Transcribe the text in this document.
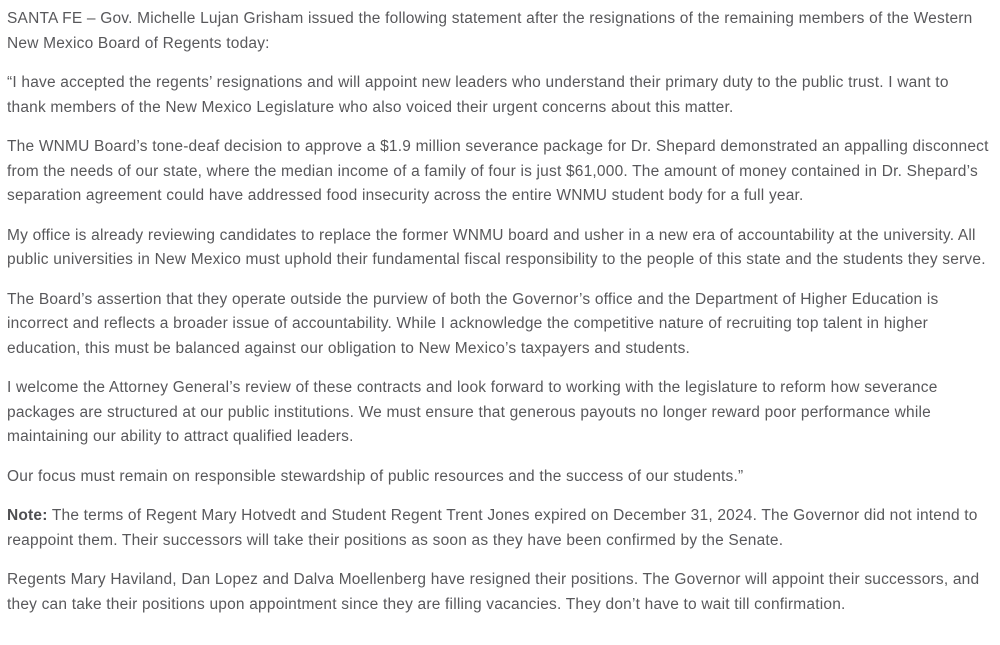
SANTA FE – Gov. Michelle Lujan Grisham issued the following statement after the resignations of the remaining members of the Western New Mexico Board of Regents today:

“I have accepted the regents’ resignations and will appoint new leaders who understand their primary duty to the public trust. I want to thank members of the New Mexico Legislature who also voiced their urgent concerns about this matter.

The WNMU Board’s tone-deaf decision to approve a $1.9 million severance package for Dr. Shepard demonstrated an appalling disconnect from the needs of our state, where the median income of a family of four is just $61,000. The amount of money contained in Dr. Shepard’s separation agreement could have addressed food insecurity across the entire WNMU student body for a full year.

My office is already reviewing candidates to replace the former WNMU board and usher in a new era of accountability at the university. All public universities in New Mexico must uphold their fundamental fiscal responsibility to the people of this state and the students they serve.

The Board’s assertion that they operate outside the purview of both the Governor’s office and the Department of Higher Education is incorrect and reflects a broader issue of accountability. While I acknowledge the competitive nature of recruiting top talent in higher education, this must be balanced against our obligation to New Mexico’s taxpayers and students.

I welcome the Attorney General’s review of these contracts and look forward to working with the legislature to reform how severance packages are structured at our public institutions. We must ensure that generous payouts no longer reward poor performance while maintaining our ability to attract qualified leaders.

Our focus must remain on responsible stewardship of public resources and the success of our students.”

Note: The terms of Regent Mary Hotvedt and Student Regent Trent Jones expired on December 31, 2024. The Governor did not intend to reappoint them. Their successors will take their positions as soon as they have been confirmed by the Senate.

Regents Mary Haviland, Dan Lopez and Dalva Moellenberg have resigned their positions. The Governor will appoint their successors, and they can take their positions upon appointment since they are filling vacancies. They don’t have to wait till confirmation.
